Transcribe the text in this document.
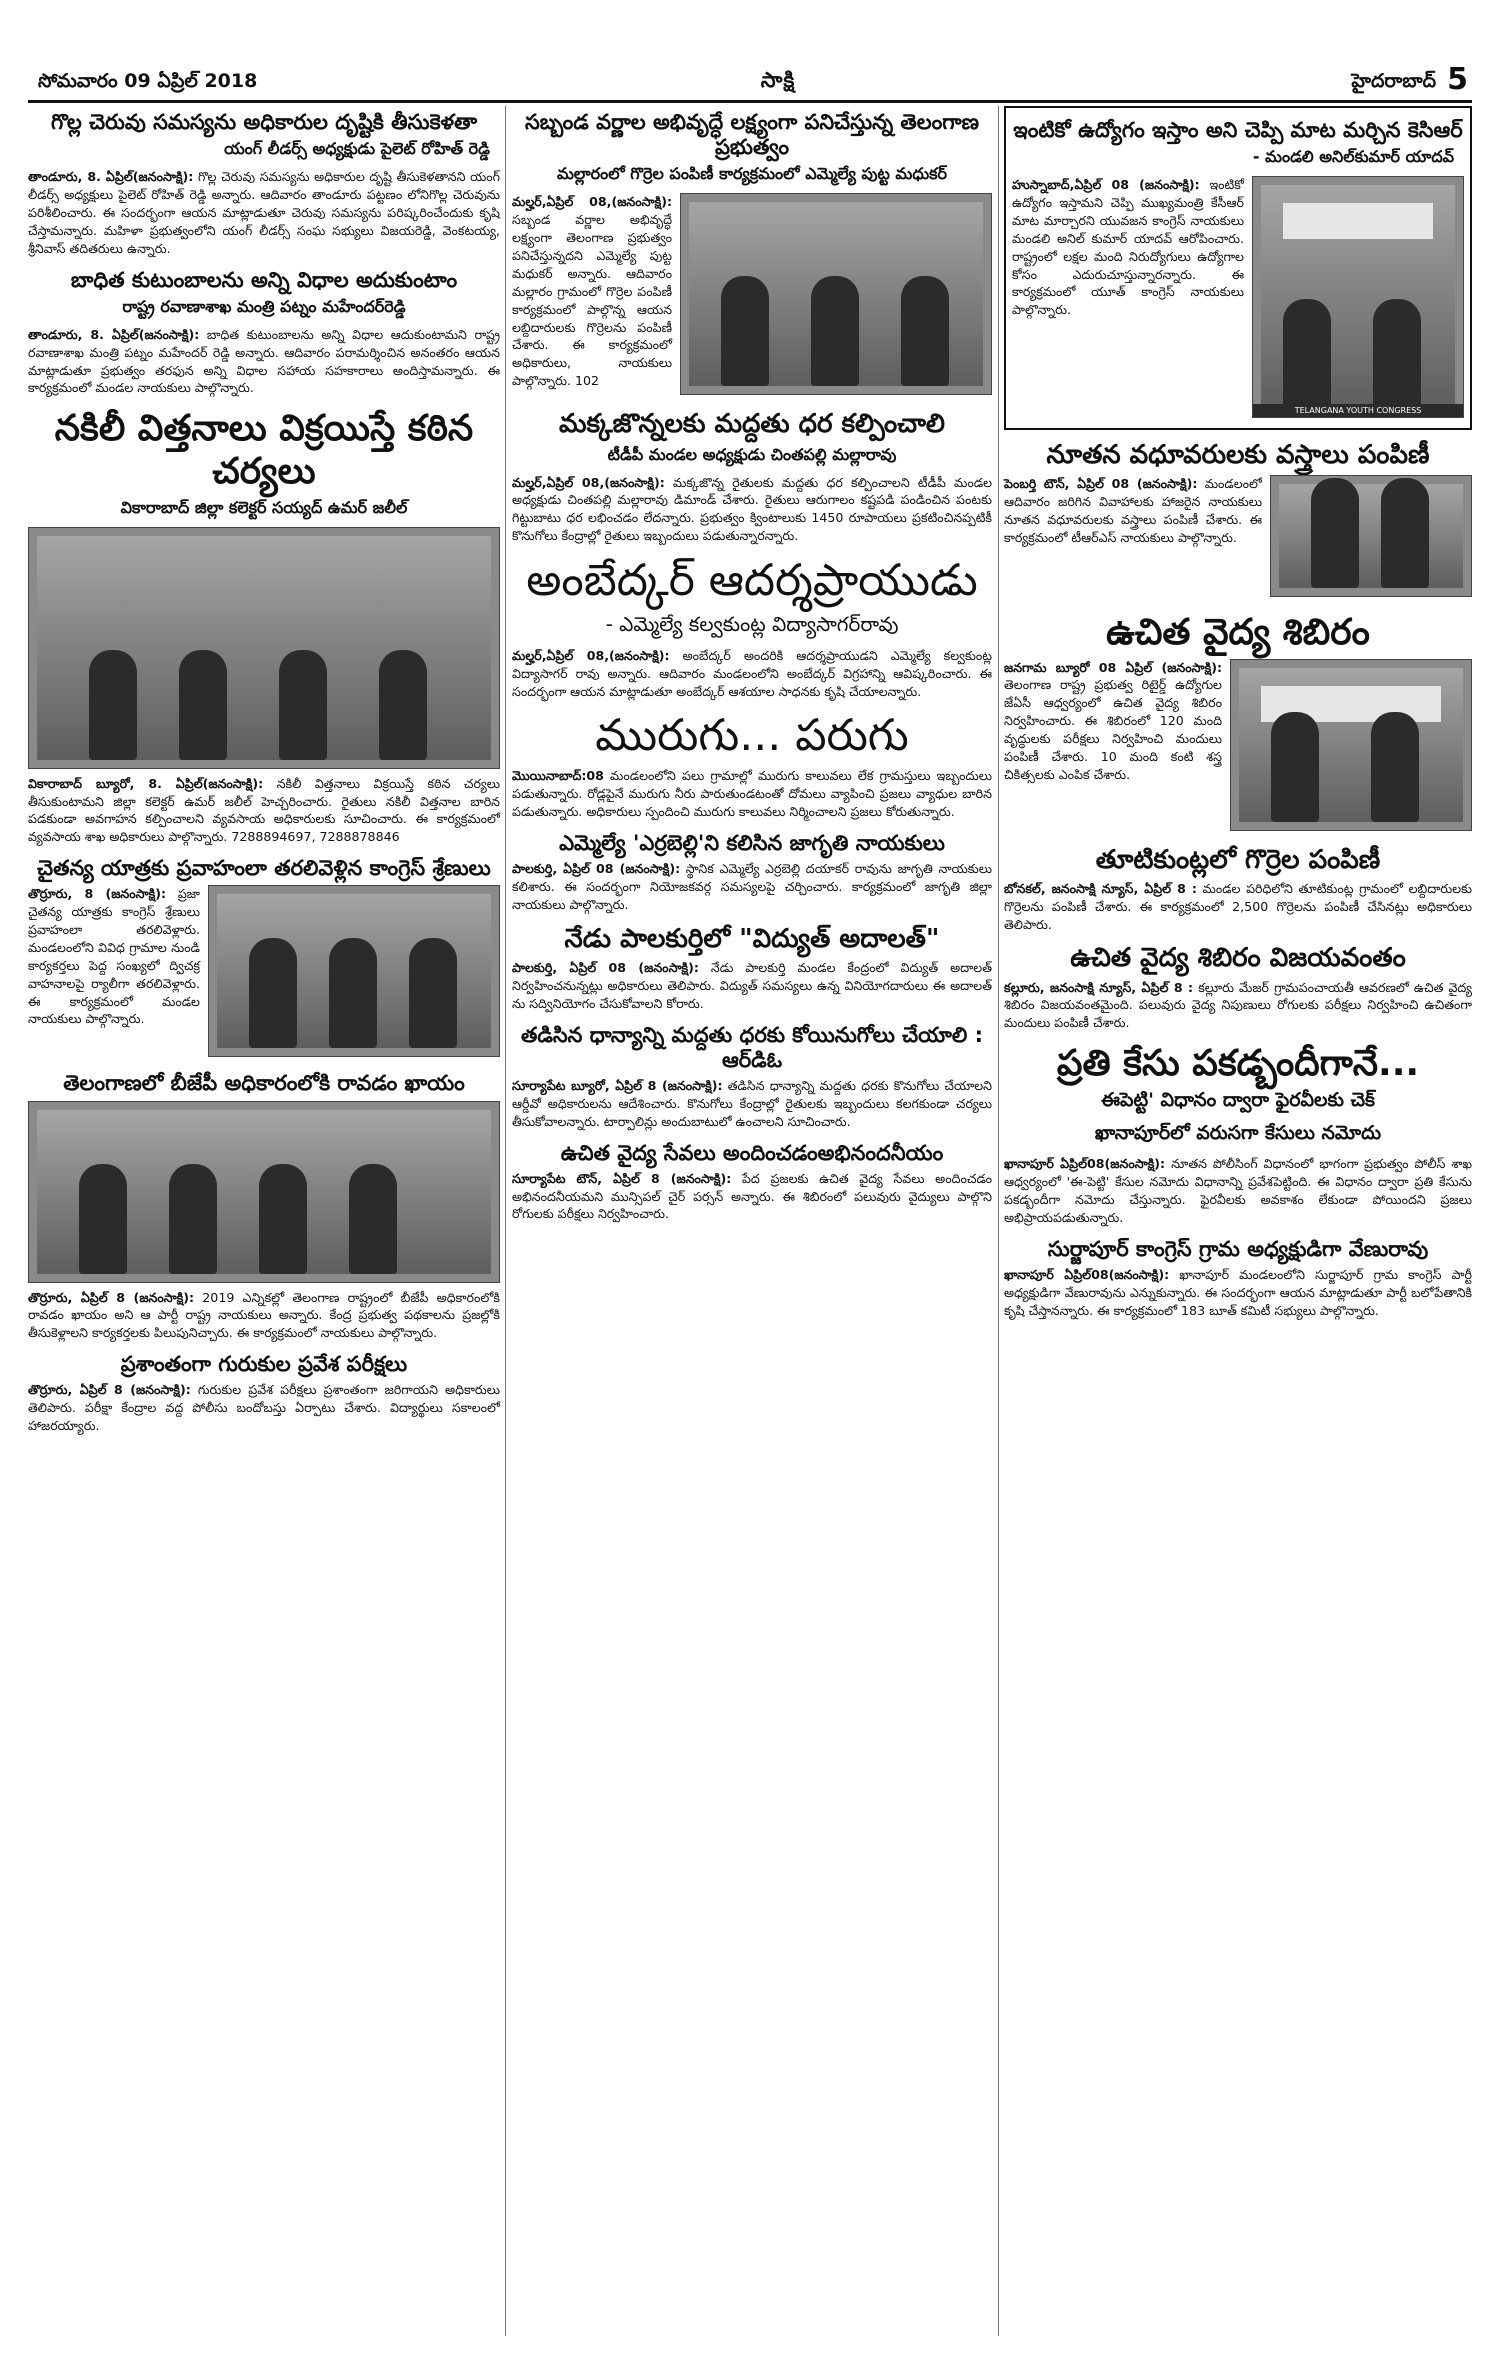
సోమవారం 09 ఏప్రిల్ 2018	సాక్షి	హైదరాబాద్ 5
గొల్ల చెరువు సమస్యను అధికారుల దృష్టికి తీసుకెళతా
యంగ్ లీడర్స్ అధ్యక్షుడు పైలెట్ రోహిత్ రెడ్డి

తాండూరు, 8. ఏప్రిల్(జనంసాక్షి): గొల్ల చెరువు సమస్యను అధికారుల దృష్టి తీసుకెళతానని యంగ్ లీడర్స్ అధ్యక్షులు పైలెట్ రోహిత్ రెడ్డి అన్నారు. ఆదివారం తాండూరు పట్టణం లోనిగొల్ల చెరువును పరిశీలించారు. ఈ సందర్భంగా ఆయన మాట్లాడుతూ చెరువు సమస్యను పరిష్కరించేందుకు కృషి చేస్తామన్నారు. మహిళా ప్రభుత్వంలోని యంగ్ లీడర్స్ సంఘ సభ్యులు విజయరెడ్డి, వెంకటయ్య, శ్రీనివాస్ తదితరులు ఉన్నారు.

బాధిత కుటుంబాలను అన్ని విధాల అదుకుంటాం
రాష్ట్ర రవాణాశాఖ మంత్రి పట్నం మహేందర్‌రెడ్డి

తాండూరు, 8. ఏప్రిల్(జనంసాక్షి): బాధిత కుటుంబాలను అన్ని విధాల ఆదుకుంటామని రాష్ట్ర రవాణాశాఖ మంత్రి పట్నం మహేందర్ రెడ్డి అన్నారు. ఆదివారం పరామర్శించిన అనంతరం ఆయన మాట్లాడుతూ ప్రభుత్వం తరఫున అన్ని విధాల సహాయ సహకారాలు అందిస్తామన్నారు. ఈ కార్యక్రమంలో మండల నాయకులు పాల్గొన్నారు.

నకిలీ విత్తనాలు విక్రయిస్తే కఠిన చర్యలు
వికారాబాద్ జిల్లా కలెక్టర్ సయ్యద్ ఉమర్ జలీల్

వికారాబాద్ బ్యూరో, 8. ఏప్రిల్(జనంసాక్షి): నకిలీ విత్తనాలు విక్రయిస్తే కఠిన చర్యలు తీసుకుంటామని జిల్లా కలెక్టర్ ఉమర్ జలీల్ హెచ్చరించారు. రైతులు నకిలీ విత్తనాల బారిన పడకుండా అవగాహన కల్పించాలని వ్యవసాయ అధికారులకు సూచించారు. ఈ కార్యక్రమంలో వ్యవసాయ శాఖ అధికారులు పాల్గొన్నారు. 7288894697, 7288878846

చైతన్య యాత్రకు ప్రవాహంలా తరలివెళ్లిన కాంగ్రెస్ శ్రేణులు

తొర్రూరు, 8 (జనంసాక్షి): ప్రజా చైతన్య యాత్రకు కాంగ్రెస్ శ్రేణులు ప్రవాహంలా తరలివెళ్లారు. మండలంలోని వివిధ గ్రామాల నుండి కార్యకర్తలు పెద్ద సంఖ్యలో ద్విచక్ర వాహనాలపై ర్యాలీగా తరలివెళ్లారు. ఈ కార్యక్రమంలో మండల నాయకులు పాల్గొన్నారు.

తెలంగాణలో బీజేపీ అధికారంలోకి రావడం ఖాయం

తొర్రూరు, ఏప్రిల్ 8 (జనంసాక్షి): 2019 ఎన్నికల్లో తెలంగాణ రాష్ట్రంలో బీజేపీ అధికారంలోకి రావడం ఖాయం అని ఆ పార్టీ రాష్ట్ర నాయకులు అన్నారు. కేంద్ర ప్రభుత్వ పథకాలను ప్రజల్లోకి తీసుకెళ్లాలని కార్యకర్తలకు పిలుపునిచ్చారు. ఈ కార్యక్రమంలో నాయకులు పాల్గొన్నారు.

ప్రశాంతంగా గురుకుల ప్రవేశ పరీక్షలు

తొర్రూరు, ఏప్రిల్ 8 (జనంసాక్షి): గురుకుల ప్రవేశ పరీక్షలు ప్రశాంతంగా జరిగాయని అధికారులు తెలిపారు. పరీక్షా కేంద్రాల వద్ద పోలీసు బందోబస్తు ఏర్పాటు చేశారు. విద్యార్థులు సకాలంలో హాజరయ్యారు.

సబ్బండ వర్ణాల అభివృద్ధే లక్ష్యంగా పనిచేస్తున్న తెలంగాణ ప్రభుత్వం
మల్లారంలో గొర్రెల పంపిణీ కార్యక్రమంలో ఎమ్మెల్యే పుట్ట మధుకర్

మల్హర్,ఏప్రిల్ 08,(జనంసాక్షి): సబ్బండ వర్ణాల అభివృద్ధే లక్ష్యంగా తెలంగాణ ప్రభుత్వం పనిచేస్తున్నదని ఎమ్మెల్యే పుట్ట మధుకర్ అన్నారు. ఆదివారం మల్లారం గ్రామంలో గొర్రెల పంపిణీ కార్యక్రమంలో పాల్గొన్న ఆయన లబ్దిదారులకు గొర్రెలను పంపిణీ చేశారు. ఈ కార్యక్రమంలో అధికారులు, నాయకులు పాల్గొన్నారు. 102

మక్కజొన్నలకు మద్దతు ధర కల్పించాలి
టీడీపీ మండల అధ్యక్షుడు చింతపల్లి మల్లారావు

మల్హర్,ఏప్రిల్ 08,(జనంసాక్షి): మక్కజొన్న రైతులకు మద్దతు ధర కల్పించాలని టీడీపీ మండల అధ్యక్షుడు చింతపల్లి మల్లారావు డిమాండ్ చేశారు. రైతులు ఆరుగాలం కష్టపడి పండించిన పంటకు గిట్టుబాటు ధర లభించడం లేదన్నారు. ప్రభుత్వం క్వింటాలుకు 1450 రూపాయలు ప్రకటించినప్పటికీ కొనుగోలు కేంద్రాల్లో రైతులు ఇబ్బందులు పడుతున్నారన్నారు.

అంబేద్కర్ ఆదర్శప్రాయుడు
- ఎమ్మెల్యే కల్వకుంట్ల విద్యాసాగర్‌రావు

మల్హర్,ఏప్రిల్ 08,(జనంసాక్షి): అంబేద్కర్ అందరికి ఆదర్శప్రాయుడని ఎమ్మెల్యే కల్వకుంట్ల విద్యాసాగర్ రావు అన్నారు. ఆదివారం మండలంలోని అంబేద్కర్ విగ్రహాన్ని ఆవిష్కరించారు. ఈ సందర్భంగా ఆయన మాట్లాడుతూ అంబేద్కర్ ఆశయాల సాధనకు కృషి చేయాలన్నారు.

మురుగు... పరుగు

మొయినాబాద్:08 మండలంలోని పలు గ్రామాల్లో మురుగు కాలువలు లేక గ్రామస్తులు ఇబ్బందులు పడుతున్నారు. రోడ్లపైనే మురుగు నీరు పారుతుండటంతో దోమలు వ్యాపించి ప్రజలు వ్యాధుల బారిన పడుతున్నారు. అధికారులు స్పందించి మురుగు కాలువలు నిర్మించాలని ప్రజలు కోరుతున్నారు.

ఎమ్మెల్యే 'ఎర్రబెల్లి'ని కలిసిన జాగృతి నాయకులు

పాలకుర్తి, ఏప్రిల్ 08 (జనంసాక్షి): స్థానిక ఎమ్మెల్యే ఎర్రబెల్లి దయాకర్ రావును జాగృతి నాయకులు కలిశారు. ఈ సందర్భంగా నియోజకవర్గ సమస్యలపై చర్చించారు. కార్యక్రమంలో జాగృతి జిల్లా నాయకులు పాల్గొన్నారు.

నేడు పాలకుర్తిలో "విద్యుత్ అదాలత్"

పాలకుర్తి, ఏప్రిల్ 08 (జనంసాక్షి): నేడు పాలకుర్తి మండల కేంద్రంలో విద్యుత్ అదాలత్ నిర్వహించనున్నట్లు అధికారులు తెలిపారు. విద్యుత్ సమస్యలు ఉన్న వినియోగదారులు ఈ అదాలత్ ను సద్వినియోగం చేసుకోవాలని కోరారు.

తడిసిన ధాన్యాన్ని మద్దతు ధరకు కోయినుగోలు చేయాలి : ఆర్‌డిఓ

సూర్యాపేట బ్యూరో, ఏప్రిల్ 8 (జనంసాక్షి): తడిసిన ధాన్యాన్ని మద్దతు ధరకు కొనుగోలు చేయాలని ఆర్డీవో అధికారులను ఆదేశించారు. కొనుగోలు కేంద్రాల్లో రైతులకు ఇబ్బందులు కలగకుండా చర్యలు తీసుకోవాలన్నారు. టార్పాలిన్లు అందుబాటులో ఉంచాలని సూచించారు.

ఉచిత వైద్య సేవలు అందించడంఅభినందనీయం

సూర్యాపేట టౌన్, ఏప్రిల్ 8 (జనంసాక్షి): పేద ప్రజలకు ఉచిత వైద్య సేవలు అందించడం అభినందనీయమని మున్సిపల్ చైర్ పర్సన్ అన్నారు. ఈ శిబిరంలో పలువురు వైద్యులు పాల్గొని రోగులకు పరీక్షలు నిర్వహించారు.

ఇంటికో ఉద్యోగం ఇస్తాం అని చెప్పి మాట మర్చిన కెసిఆర్
- మండలి అనిల్‌కుమార్ యాదవ్
TELANGANA YOUTH CONGRESS

హుస్నాబాద్,ఏప్రిల్ 08 (జనంసాక్షి): ఇంటికో ఉద్యోగం ఇస్తామని చెప్పి ముఖ్యమంత్రి కేసీఆర్ మాట మార్చారని యువజన కాంగ్రెస్ నాయకులు మండలి అనిల్ కుమార్ యాదవ్ ఆరోపించారు. రాష్ట్రంలో లక్షల మంది నిరుద్యోగులు ఉద్యోగాల కోసం ఎదురుచూస్తున్నారన్నారు. ఈ కార్యక్రమంలో యూత్ కాంగ్రెస్ నాయకులు పాల్గొన్నారు.

నూతన వధూవరులకు వస్త్రాలు పంపిణీ

పెంబర్తి టౌన్, ఏప్రిల్ 08 (జనంసాక్షి): మండలంలో ఆదివారం జరిగిన వివాహాలకు హాజరైన నాయకులు నూతన వధూవరులకు వస్త్రాలు పంపిణీ చేశారు. ఈ కార్యక్రమంలో టీఆర్ఎస్ నాయకులు పాల్గొన్నారు.

ఉచిత వైద్య శిబిరం

జనగామ బ్యూరో 08 ఏప్రిల్ (జనంసాక్షి): తెలంగాణ రాష్ట్ర ప్రభుత్వ రిటైర్డ్ ఉద్యోగుల జేఏసీ ఆధ్వర్యంలో ఉచిత వైద్య శిబిరం నిర్వహించారు. ఈ శిబిరంలో 120 మంది వృద్ధులకు పరీక్షలు నిర్వహించి మందులు పంపిణీ చేశారు. 10 మంది కంటి శస్త్ర చికిత్సలకు ఎంపిక చేశారు.

తూటికుంట్లలో గొర్రెల పంపిణీ

బోనకల్, జనంసాక్షి న్యూస్, ఏప్రిల్ 8 : మండల పరిధిలోని తూటికుంట్ల గ్రామంలో లబ్దిదారులకు గొర్రెలను పంపిణీ చేశారు. ఈ కార్యక్రమంలో 2,500 గొర్రెలను పంపిణీ చేసినట్లు అధికారులు తెలిపారు.

ఉచిత వైద్య శిబిరం విజయవంతం

కల్లూరు, జనంసాక్షి న్యూస్, ఏప్రిల్ 8 : కల్లూరు మేజర్ గ్రామపంచాయతీ ఆవరణలో ఉచిత వైద్య శిబిరం విజయవంతమైంది. పలువురు వైద్య నిపుణులు రోగులకు పరీక్షలు నిర్వహించి ఉచితంగా మందులు పంపిణీ చేశారు.

ప్రతి కేసు పకడ్బందీగానే...
ఈపెట్టి' విధానం ద్వారా ఫైరవీలకు చెక్
ఖానాపూర్‌లో వరుసగా కేసులు నమోదు

ఖానాపూర్ ఏప్రిల్08(జనంసాక్షి): నూతన పోలీసింగ్ విధానంలో భాగంగా ప్రభుత్వం పోలీస్ శాఖ ఆధ్వర్యంలో 'ఈ-పెట్టి' కేసుల నమోదు విధానాన్ని ప్రవేశపెట్టింది. ఈ విధానం ద్వారా ప్రతి కేసును పకడ్బందీగా నమోదు చేస్తున్నారు. ఫైరవీలకు అవకాశం లేకుండా పోయిందని ప్రజలు అభిప్రాయపడుతున్నారు.

సుర్జాపూర్ కాంగ్రెస్ గ్రామ అధ్యక్షుడిగా వేణురావు

ఖానాపూర్ ఏప్రిల్08(జనంసాక్షి): ఖానాపూర్ మండలంలోని సుర్జాపూర్ గ్రామ కాంగ్రెస్ పార్టీ అధ్యక్షుడిగా వేణురావును ఎన్నుకున్నారు. ఈ సందర్భంగా ఆయన మాట్లాడుతూ పార్టీ బలోపేతానికి కృషి చేస్తానన్నారు. ఈ కార్యక్రమంలో 183 బూత్ కమిటీ సభ్యులు పాల్గొన్నారు.
